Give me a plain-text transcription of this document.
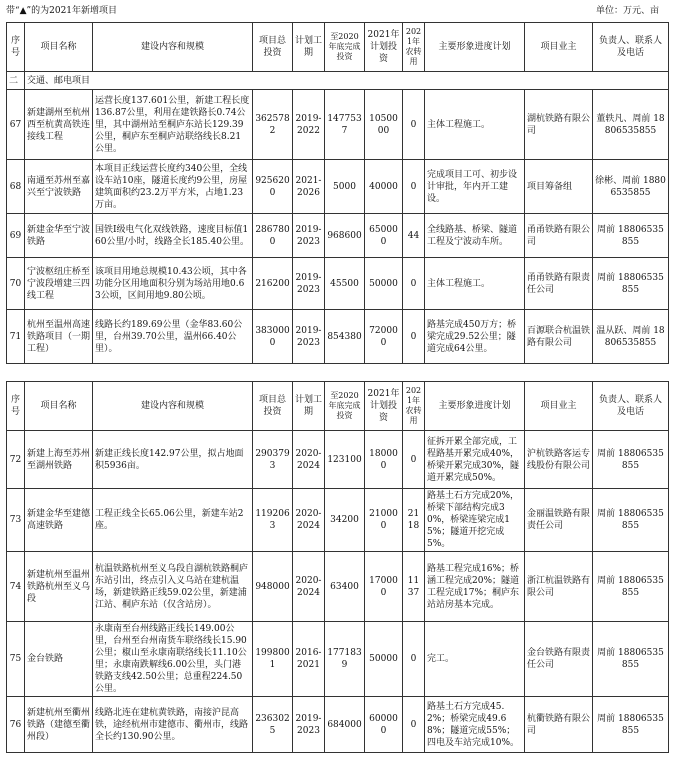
带“▲”的为2021年新增项目	单位：万元、亩
序号	项目名称	建设内容和规模	项目总投资	计划工期	至2020年底完成投资	2021年计划投资	2021年农转用	主要形象进度计划	项目业主	负责人、联系人及电话
二	交通、邮电项目									
67	新建湖州至杭州西至杭黄高铁连接线工程	运营长度137.601公里，新建工程长度136.87公里，利用在建铁路长0.74公里，其中湖州站至桐庐东站长129.39公里，桐庐东至桐庐站联络线长8.21公里。	3625782	2019-2022	1477537	1050000	0	主体工程施工。	湖杭铁路有限公司	董轶凡、周前 18806535855
68	南通至苏州至嘉兴至宁波铁路	本项目正线运营长度约340公里，全线设车站10座，隧道长度约9公里，房屋建筑面积约23.2万平方米，占地1.23万亩。	9256200	2021-2026	5000	40000	0	完成项目工可、初步设计审批，年内开工建设。	项目筹备组	徐彬、周前 18806535855
69	新建金华至宁波铁路	国铁Ⅰ级电气化双线铁路，速度目标值160公里/小时，线路全长185.40公里。	2867800	2019-2023	968600	650000	44	全线路基、桥梁、隧道工程及宁波动车所。	甬甬铁路有限公司	周前 18806535855
70	宁波枢纽庄桥至宁波段增建三四线工程	该项目用地总规模10.43公顷，其中各功能分区用地面积分别为场站用地0.63公顷，区间用地9.80公顷。	216200	2019-2023	45500	50000	0	主体工程施工。	甬甬铁路有限责任公司	周前 18806535855
71	杭州至温州高速铁路项目（一期工程）	线路长约189.69公里（金华83.60公里，台州39.70公里，温州66.40公里）。	3830000	2019-2023	854380	720000	0	路基完成450万方；桥梁完成29.52公里；隧道完成64公里。	百源联合杭温铁路有限公司	温从跃、周前 18806535855
序号	项目名称	建设内容和规模	项目总投资	计划工期	至2020年底完成投资	2021年计划投资	2021年农转用	主要形象进度计划	项目业主	负责人、联系人及电话
72	新建上海至苏州至湖州铁路	新建正线长度142.97公里，拟占地面积5936亩。	2903793	2020-2024	123100	180000	0	征拆开累全部完成，工程路基开累完成40%，桥梁开累完成30%，隧道开累完成50%。	沪杭铁路客运专线股份有限公司	周前 18806535855
73	新建金华至建德高速铁路	工程正线全长65.06公里，新建车站2座。	1192063	2020-2024	34200	210000	2118	路基土石方完成20%，桥梁下部结构完成30%，桥梁连梁完成15%；隧道开挖完成5%。	金丽温铁路有限责任公司	周前 18806535855
74	新建杭州至温州铁路杭州至义乌段	杭温铁路杭州至义乌段自湖杭铁路桐庐东站引出，终点引入义乌站在建杭温场，新建铁路正线59.02公里，新建浦江站、桐庐东站（仅含站房）。	948000	2020-2024	63400	170000	1137	路基工程完成16%；桥涵工程完成20%；隧道工程完成17%；桐庐东站站房基本完成。	浙江杭温铁路有限公司	周前 18806535855
75	金台铁路	永康南至台州线路正线长149.00公里，台州至台州南货车联络线长15.90公里；椒山至永康南联络线长11.10公里；永康南跌解线6.00公里，头门港铁路支线42.50公里；总重程224.50公里。	1998001	2016-2021	1771839	50000	0	完工。	金台铁路有限责任公司	周前 18806535855
76	新建杭州至衢州铁路（建德至衢州段）	线路北连在建杭黄铁路，南接沪昆高铁，途经杭州市建德市、衢州市，线路全长约130.90公里。	2363025	2019-2023	684000	600000	0	路基土石方完成45.2%；桥梁完成49.68%；隧道完成55%；四电及车站完成10%。	杭衢铁路有限公司	周前 18806535855
